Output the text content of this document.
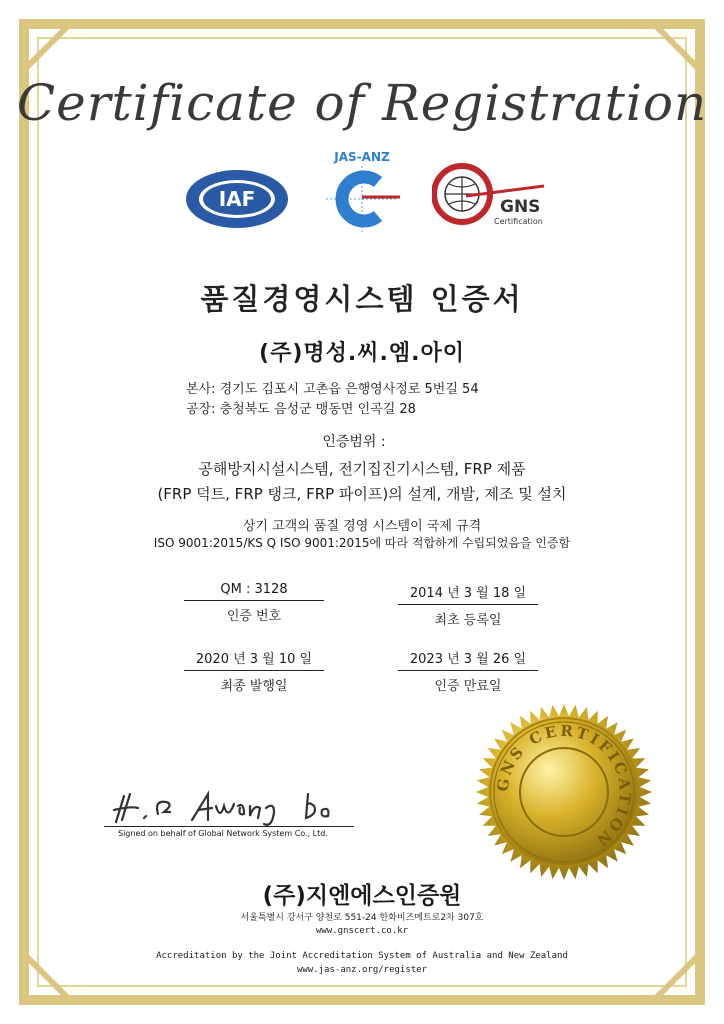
Certificate of Registration
IAF
JAS-ANZ
GNS
Certification
품질경영시스템 인증서
(주)명성.씨.엠.아이
본사: 경기도 김포시 고촌읍 은행영사정로 5번길 54
공장: 충청북도 음성군 맹동면 인곡길 28
인증범위 :
공해방지시설시스템, 전기집진기시스템, FRP 제품
(FRP 덕트, FRP 탱크, FRP 파이프)의 설계, 개발, 제조 및 설치
상기 고객의 품질 경영 시스템이 국제 규격
ISO 9001:2015/KS Q ISO 9001:2015에 따라 적합하게 수립되었음을 인증함
QM : 3128
인증 번호
2014 년 3 월 18 일
최초 등록일
2020 년 3 월 10 일
최종 발행일
2023 년 3 월 26 일
인증 만료일
Signed on behalf of Global Network System Co., Ltd.
GNS CERTIFICATION
(주)지엔에스인증원
서울특별시 강서구 양천로 551-24 한화비즈메트로2차 307호
www.gnscert.co.kr
Accreditation by the Joint Accreditation System of Australia and New Zealand
www.jas-anz.org/register
